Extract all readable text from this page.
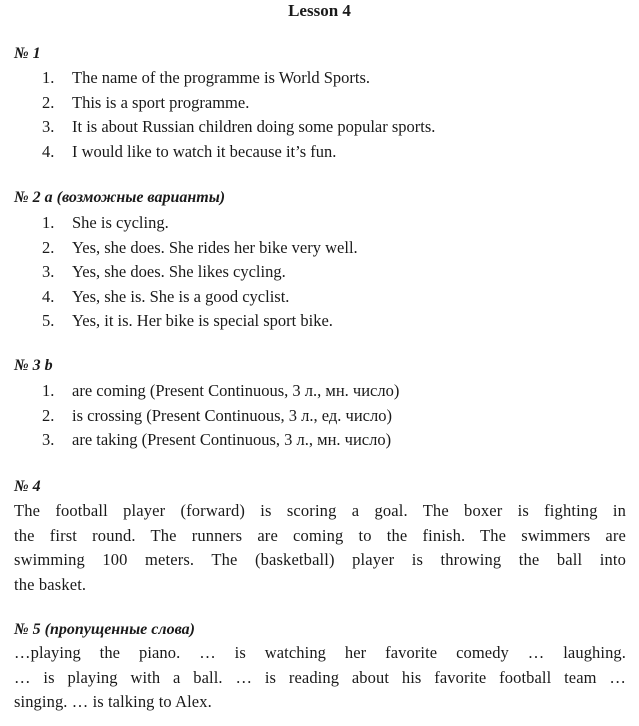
Lesson 4
№ 1
1. The name of the programme is World Sports.
2. This is a sport programme.
3. It is about Russian children doing some popular sports.
4. I would like to watch it because it’s fun.
№ 2 a (возможные варианты)
1. She is cycling.
2. Yes, she does. She rides her bike very well.
3. Yes, she does. She likes cycling.
4. Yes, she is. She is a good cyclist.
5. Yes, it is. Her bike is special sport bike.
№ 3 b
1. are coming (Present Continuous, 3 л., мн. число)
2. is crossing (Present Continuous, 3 л., ед. число)
3. are taking (Present Continuous, 3 л., мн. число)
№ 4
The football player (forward) is scoring a goal. The boxer is fighting in
the first round. The runners are coming to the finish. The swimmers are
swimming 100 meters. The (basketball) player is throwing the ball into
the basket.
№ 5 (пропущенные слова)
…playing the piano. … is watching her favorite comedy … laughing.
… is playing with a ball. … is reading about his favorite football team …
singing. … is talking to Alex.
